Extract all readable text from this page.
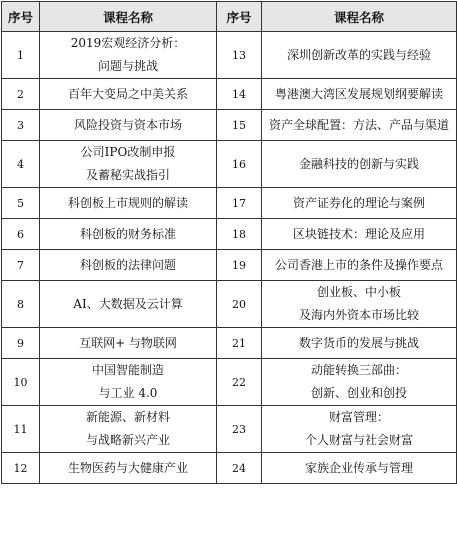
序号	课程名称	序号	课程名称
1	2019宏观经济分析：
问题与挑战	13	深圳创新改革的实践与经验

2	百年大变局之中美关系	14	粤港澳大湾区发展规划纲要解读

3	风险投资与资本市场	15	资产全球配置：方法、产品与渠道

4	公司IPO改制申报
及蓄秘实战指引	16	金融科技的创新与实践

5	科创板上市规则的解读	17	资产证券化的理论与案例

6	科创板的财务标准	18	区块链技术：理论及应用

7	科创板的法律问题	19	公司香港上市的条件及操作要点

8	AI、大数据及云计算	20	创业板、中小板
及海内外资本市场比较

9	互联网+ 与物联网	21	数字货币的发展与挑战

10	中国智能制造
与工业 4.0	22	动能转换三部曲：
创新、创业和创投

11	新能源、新材料
与战略新兴产业	23	财富管理：
个人财富与社会财富

12	生物医药与大健康产业	24	家族企业传承与管理
